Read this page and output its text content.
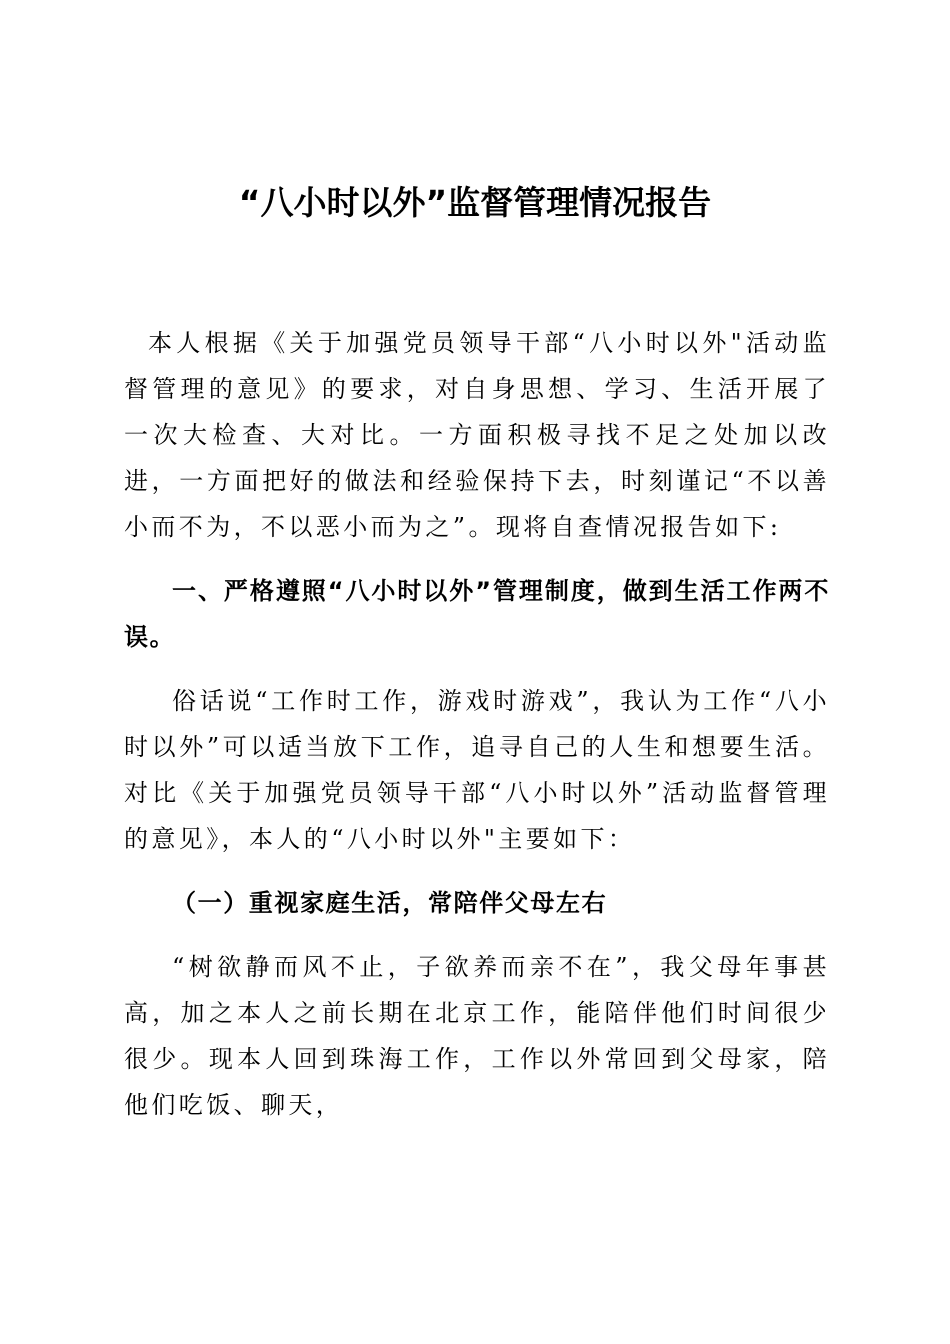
“八小时以外”监督管理情况报告

本人根据《关于加强党员领导干部“八小时以外"活动监督管理的意见》的要求，对自身思想、学习、生活开展了一次大检查、大对比。一方面积极寻找不足之处加以改进，一方面把好的做法和经验保持下去，时刻谨记“不以善小而不为，不以恶小而为之”。现将自查情况报告如下:

一、严格遵照“八小时以外”管理制度，做到生活工作两不误。

俗话说“工作时工作，游戏时游戏”，我认为工作“八小时以外”可以适当放下工作，追寻自己的人生和想要生活。对比《关于加强党员领导干部“八小时以外”活动监督管理的意见》，本人的“八小时以外"主要如下：

（一）重视家庭生活，常陪伴父母左右

“树欲静而风不止，子欲养而亲不在”，我父母年事甚高，加之本人之前长期在北京工作，能陪伴他们时间很少很少。现本人回到珠海工作，工作以外常回到父母家，陪他们吃饭、聊天，
